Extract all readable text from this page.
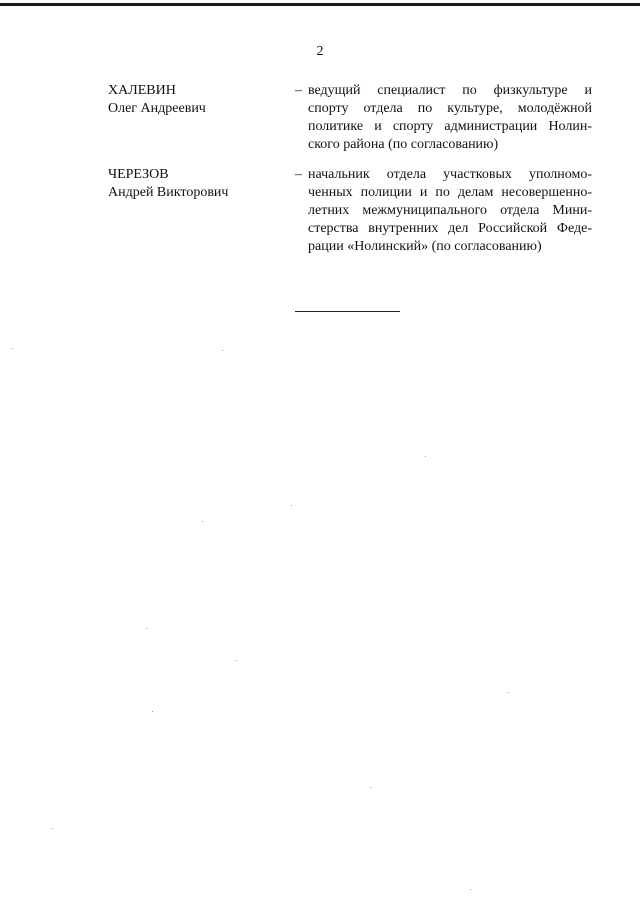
2
ХАЛЕВИН
Олег Андреевич
– ведущий специалист по физкультуре и
спорту отдела по культуре, молодёжной
политике и спорту администрации Нолин-
ского района (по согласованию)
ЧЕРЕЗОВ
Андрей Викторович
– начальник отдела участковых уполномо-
ченных полиции и по делам несовершенно-
летних межмуниципального отдела Мини-
стерства внутренних дел Российской Феде-
рации «Нолинский» (по согласованию)
